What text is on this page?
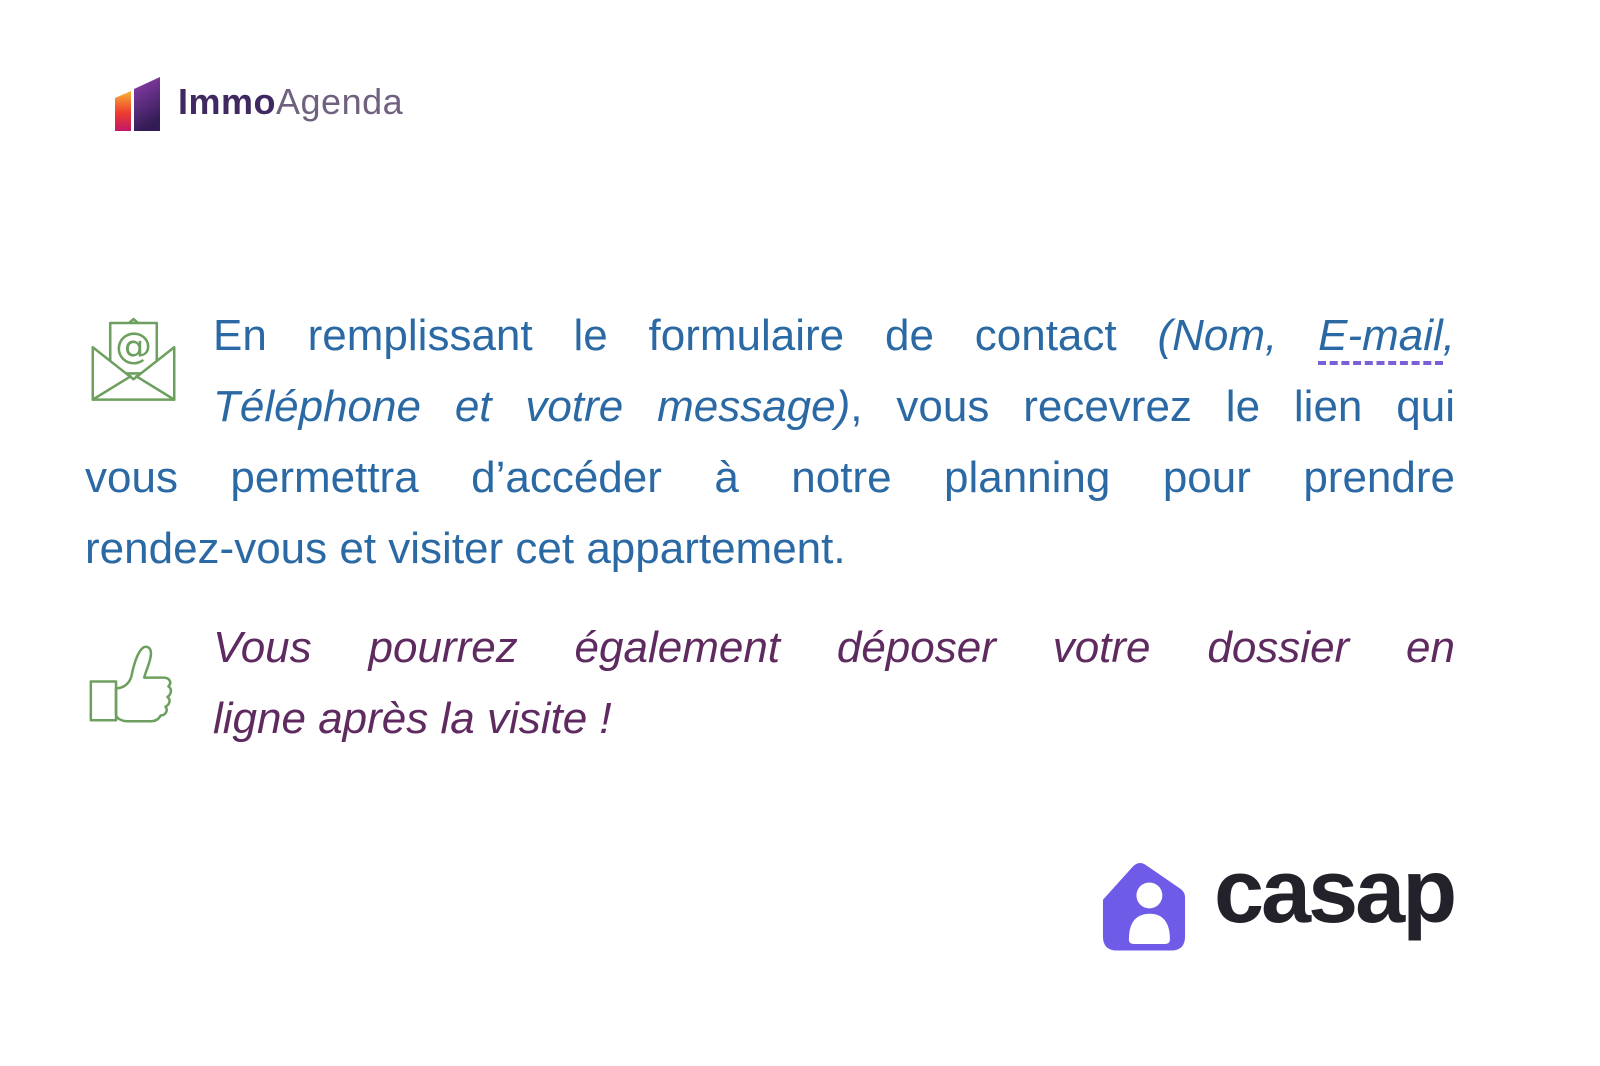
ImmoAgenda
@ En remplissant le formulaire de contact (Nom, E-mail,
Téléphone et votre message), vous recevrez le lien qui
vous permettra d’accéder à notre planning pour prendre
rendez-vous et visiter cet appartement.
Vous pourrez également déposer votre dossier en
ligne après la visite !
casap
